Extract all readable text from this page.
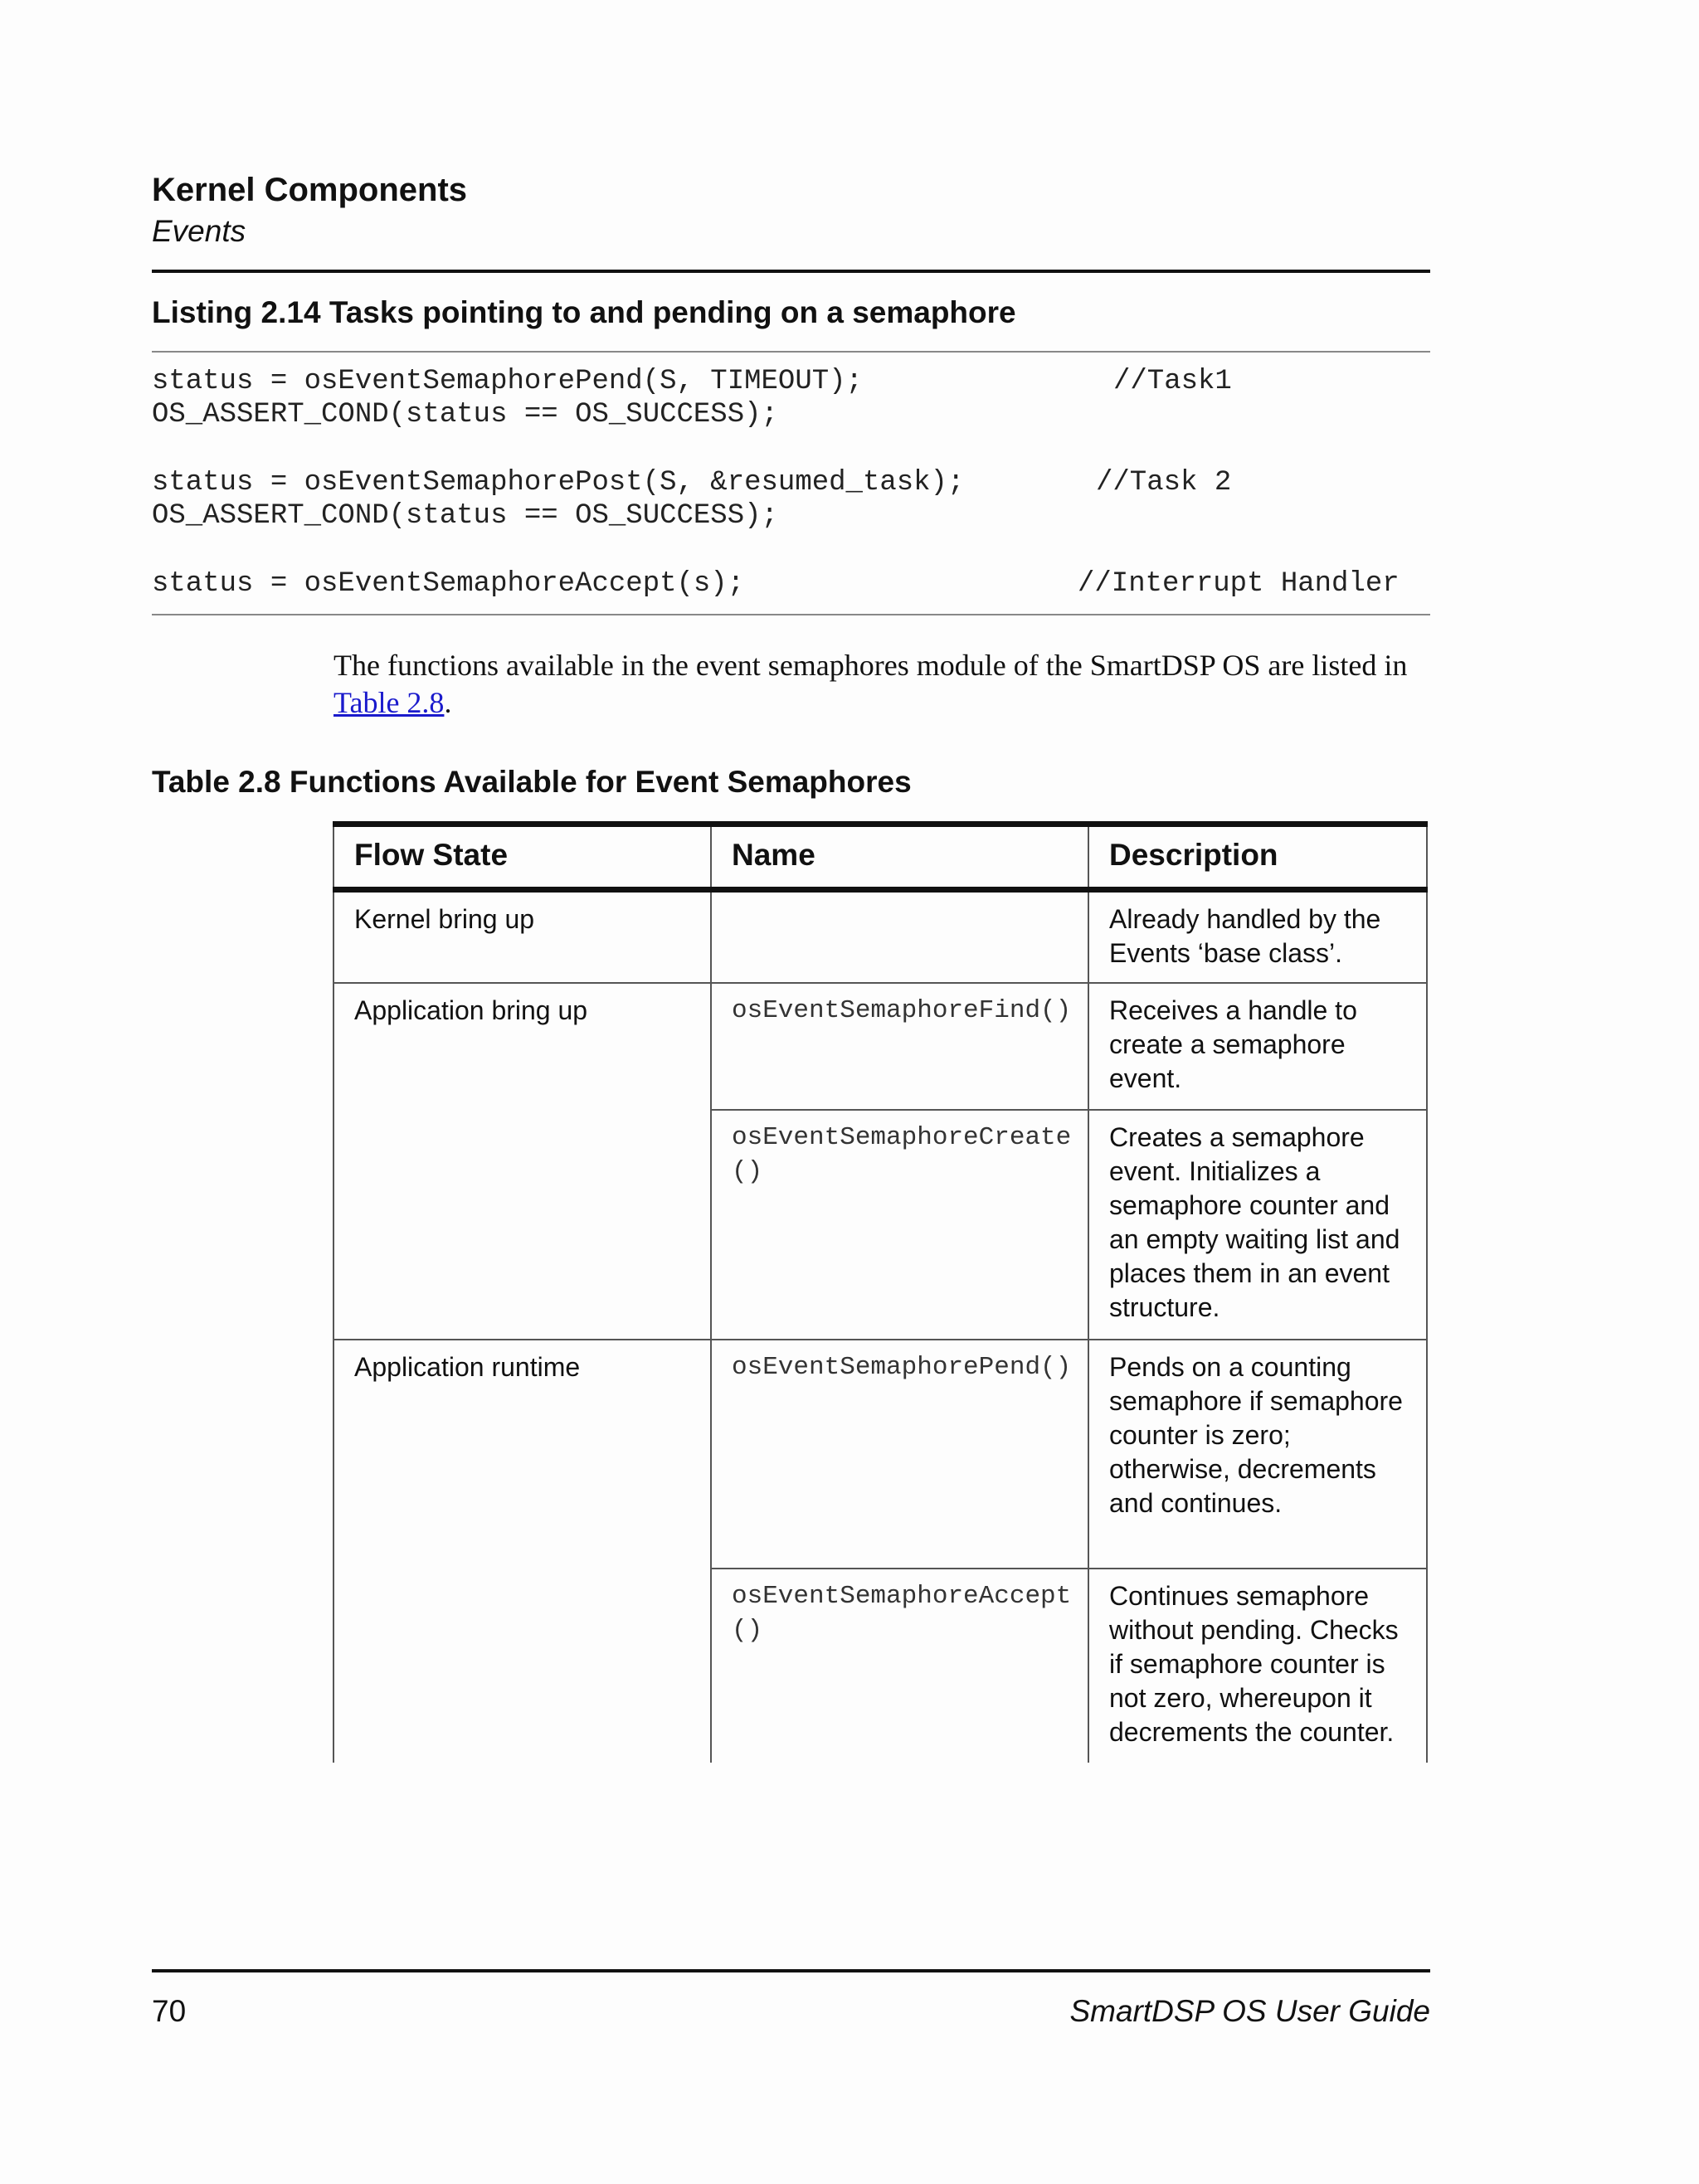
Kernel Components
Events
Listing 2.14 Tasks pointing to and pending on a semaphore

status = osEventSemaphorePend(S, TIMEOUT);

	//Task1

OS_ASSERT_COND(status == OS_SUCCESS);

status = osEventSemaphorePost(S, &resumed_task);

	//Task 2

OS_ASSERT_COND(status == OS_SUCCESS);

status = osEventSemaphoreAccept(s);

	//Interrupt Handler

The functions available in the event semaphores module of the SmartDSP OS are listed in Table 2.8.

Table 2.8 Functions Available for Event Semaphores
Flow State	Name	Description
Kernel bring up		Already handled by the Events ‘base class’.
Application bring up	osEventSemaphoreFind()	Receives a handle to create a semaphore event.
	osEventSemaphoreCreate()	Creates a semaphore event. Initializes a semaphore counter and an empty waiting list and places them in an event structure.
Application runtime	osEventSemaphorePend()	Pends on a counting semaphore if semaphore counter is zero; otherwise, decrements and continues.
	osEventSemaphoreAccept()	Continues semaphore without pending. Checks if semaphore counter is not zero, whereupon it decrements the counter.
70	SmartDSP OS User Guide
